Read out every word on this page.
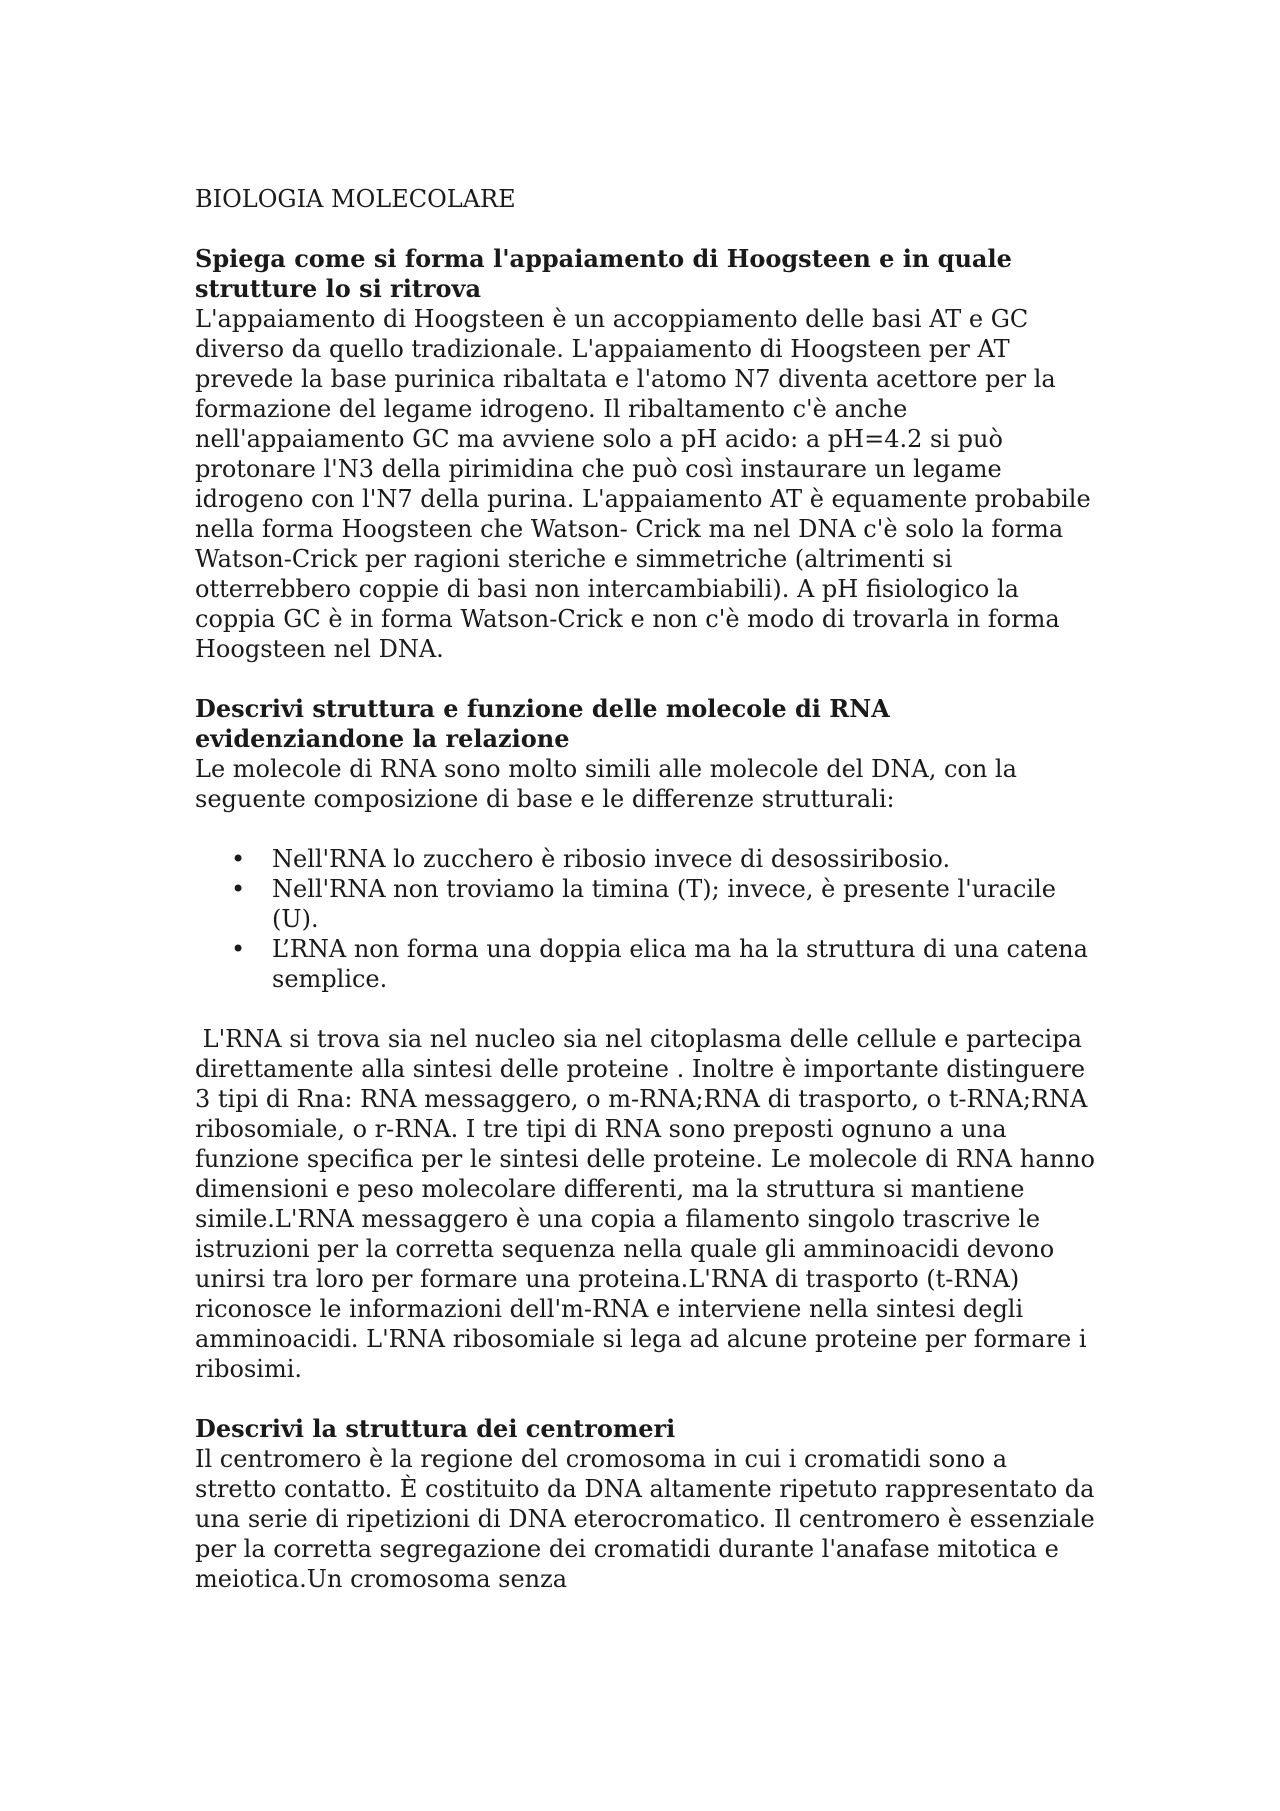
BIOLOGIA MOLECOLARE

Spiega come si forma l'appaiamento di Hoogsteen e in quale strutture lo si ritrova

L'appaiamento di Hoogsteen è un accoppiamento delle basi AT e GC diverso da quello tradizionale. L'appaiamento di Hoogsteen per AT prevede la base purinica ribaltata e l'atomo N7 diventa acettore per la formazione del legame idrogeno. Il ribaltamento c'è anche nell'appaiamento GC ma avviene solo a pH acido: a pH=4.2 si può protonare l'N3 della pirimidina che può così instaurare un legame idrogeno con l'N7 della purina. L'appaiamento AT è equamente probabile nella forma Hoogsteen che Watson- Crick ma nel DNA c'è solo la forma Watson-Crick per ragioni steriche e simmetriche (altrimenti si otterrebbero coppie di basi non intercambiabili). A pH fisiologico la coppia GC è in forma Watson-Crick e non c'è modo di trovarla in forma Hoogsteen nel DNA.

Descrivi struttura e funzione delle molecole di RNA evidenziandone la relazione

Le molecole di RNA sono molto simili alle molecole del DNA, con la seguente composizione di base e le differenze strutturali:

• Nell'RNA lo zucchero è ribosio invece di desossiribosio.
• Nell'RNA non troviamo la timina (T); invece, è presente l'uracile (U).
• L’RNA non forma una doppia elica ma ha la struttura di una catena semplice.

L'RNA si trova sia nel nucleo sia nel citoplasma delle cellule e partecipa direttamente alla sintesi delle proteine . Inoltre è importante distinguere 3 tipi di Rna: RNA messaggero, o m-RNA;RNA di trasporto, o t-RNA;RNA ribosomiale, o r-RNA. I tre tipi di RNA sono preposti ognuno a una funzione specifica per le sintesi delle proteine. Le molecole di RNA hanno dimensioni e peso molecolare differenti, ma la struttura si mantiene simile.L'RNA messaggero è una copia a filamento singolo trascrive le istruzioni per la corretta sequenza nella quale gli amminoacidi devono unirsi tra loro per formare una proteina.L'RNA di trasporto (t-RNA) riconosce le informazioni dell'm-RNA e interviene nella sintesi degli amminoacidi. L'RNA ribosomiale si lega ad alcune proteine per formare i ribosimi.

Descrivi la struttura dei centromeri

Il centromero è la regione del cromosoma in cui i cromatidi sono a stretto contatto. È costituito da DNA altamente ripetuto rappresentato da una serie di ripetizioni di DNA eterocromatico. Il centromero è essenziale per la corretta segregazione dei cromatidi durante l'anafase mitotica e meiotica.Un cromosoma senza
